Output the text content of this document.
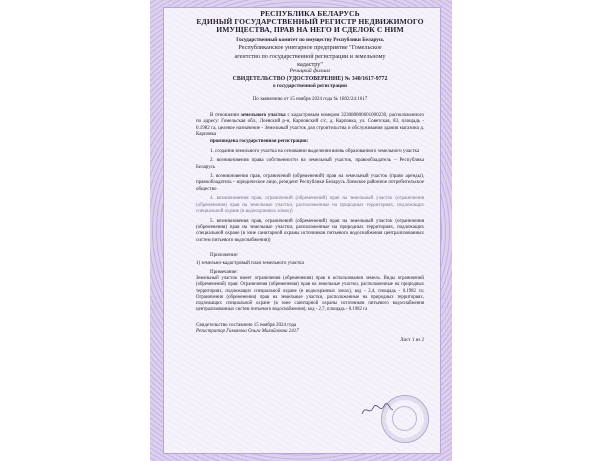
РЕСПУБЛИКА БЕЛАРУСЬ
ЕДИНЫЙ ГОСУДАРСТВЕННЫЙ РЕГИСТР НЕДВИЖИМОГО
ИМУЩЕСТВА, ПРАВ НА НЕГО И СДЕЛОК С НИМ
Государственный комитет по имуществу Республики Беларусь
Республиканское унитарное предприятие "Гомельское
агентство по государственной регистрации и земельному
кадастру"
Речицкий филиал
СВИДЕТЕЛЬСТВО (УДОСТОВЕРЕНИЕ) № 340/1617-9772
о государственной регистрации
По заявлению от 15 ноября 2024 года № 1802/24:1617
В отношении земельного участка с кадастровым номером 323080800601000230, расположенного по адресу: Гомельская обл., Лоевский р-н, Карповский с/с, д. Карповка, ул. Советская, 83, площадь - 0.1982 га, целевое назначение - Земельный участок для строительства и обслуживания здания магазина д. Карповка
произведена государственная регистрация:
1. создания земельного участка на основании выделения вновь образованного земельного участка
2. возникновения права собственности на земельный участок, правообладатель – Республика Беларусь
3. возникновения прав, ограничений (обременений) прав на земельный участок (право аренды), правообладатель – юридическое лицо, резидент Республики Беларусь Лоевское районное потребительское общество
4. возникновения прав, ограничений (обременений) прав на земельный участок (ограничения (обременения) прав на земельные участки, расположенные на природных территориях, подлежащих специальной охране (в водоохранных зонах))
5. возникновения прав, ограничений (обременений) прав на земельный участок (ограничения (обременения) прав на земельные участки, расположенные на природных территориях, подлежащих специальной охране (в зоне санитарной охраны источников питьевого водоснабжения централизованных систем питьевого водоснабжения))
Приложение:
1) земельно-кадастровый план земельного участка
Примечание:
Земельный участок имеет ограничения (обременения) прав в использовании земель. Виды ограничений (обременений) прав: Ограничения (обременения) прав на земельные участки, расположенные на природных территориях, подлежащих специальной охране (в водоохранных зонах), код - 2,4, площадь - 0.1982 га; Ограничения (обременения) прав на земельные участки, расположенные на природных территориях, подлежащих специальной охране (в зоне санитарной охраны источников питьевого водоснабжения централизованных систем питьевого водоснабжения), код - 2,7, площадь - 0.1982 га
Свидетельство составлено 15 ноября 2024 года
Регистратор Гиманова Ольга Михайловна 2417
Лист 1 из 2
